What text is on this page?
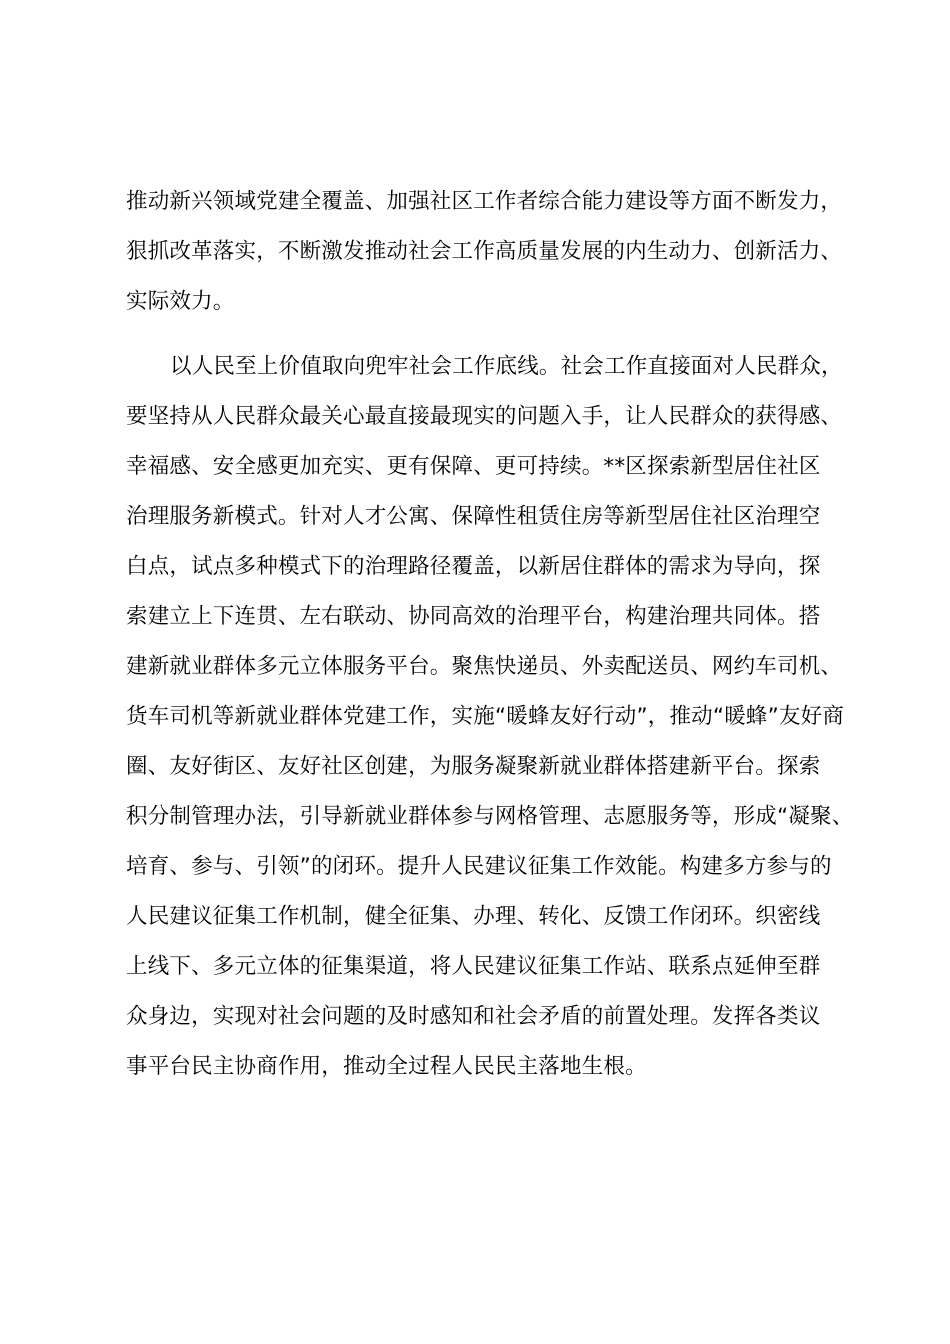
推动新兴领域党建全覆盖、加强社区工作者综合能力建设等方面不断发力，
狠抓改革落实，不断激发推动社会工作高质量发展的内生动力、创新活力、
实际效力。
以人民至上价值取向兜牢社会工作底线。社会工作直接面对人民群众，
要坚持从人民群众最关心最直接最现实的问题入手，让人民群众的获得感、
幸福感、安全感更加充实、更有保障、更可持续。**区探索新型居住社区
治理服务新模式。针对人才公寓、保障性租赁住房等新型居住社区治理空
白点，试点多种模式下的治理路径覆盖，以新居住群体的需求为导向，探
索建立上下连贯、左右联动、协同高效的治理平台，构建治理共同体。搭
建新就业群体多元立体服务平台。聚焦快递员、外卖配送员、网约车司机、
货车司机等新就业群体党建工作，实施“暖蜂友好行动”，推动“暖蜂”友好商
圈、友好街区、友好社区创建，为服务凝聚新就业群体搭建新平台。探索
积分制管理办法，引导新就业群体参与网格管理、志愿服务等，形成“凝聚、
培育、参与、引领”的闭环。提升人民建议征集工作效能。构建多方参与的
人民建议征集工作机制，健全征集、办理、转化、反馈工作闭环。织密线
上线下、多元立体的征集渠道，将人民建议征集工作站、联系点延伸至群
众身边，实现对社会问题的及时感知和社会矛盾的前置处理。发挥各类议
事平台民主协商作用，推动全过程人民民主落地生根。
